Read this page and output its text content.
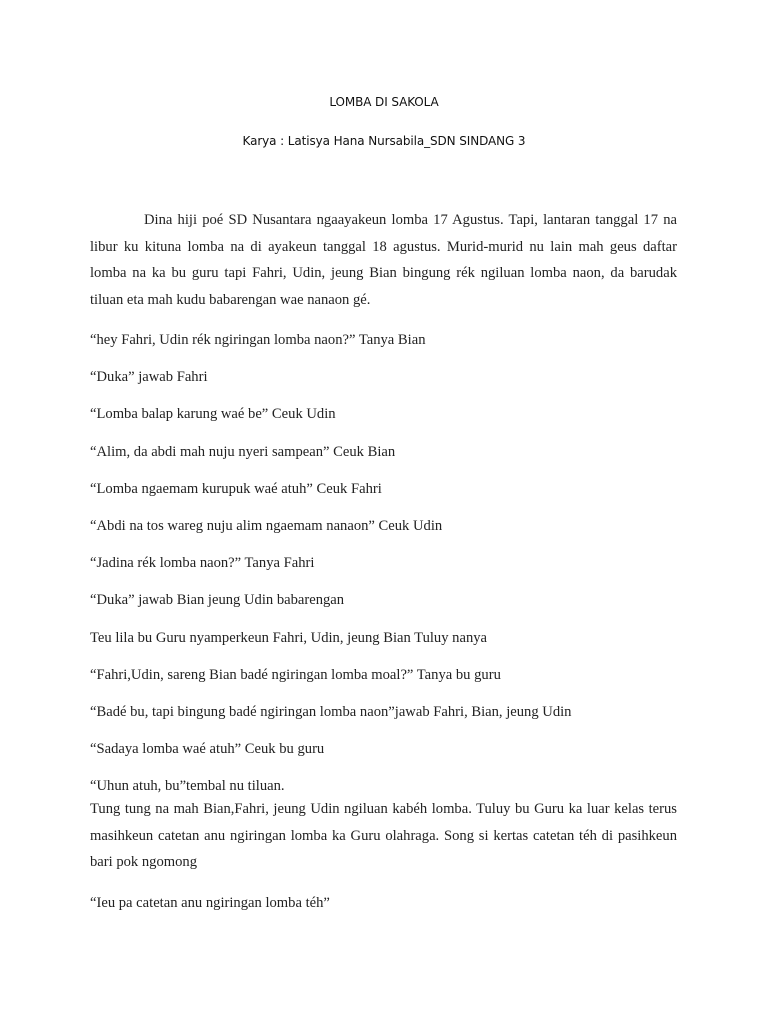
LOMBA DI SAKOLA
Karya : Latisya Hana Nursabila_SDN SINDANG 3

Dina hiji poé SD Nusantara ngaayakeun lomba 17 Agustus. Tapi, lantaran tanggal 17 na libur ku kituna lomba na di ayakeun tanggal 18 agustus. Murid-murid nu lain mah geus daftar lomba na ka bu guru tapi Fahri, Udin, jeung Bian bingung rék ngiluan lomba naon, da barudak tiluan eta mah kudu babarengan wae nanaon gé.

“hey Fahri, Udin rék ngiringan lomba naon?” Tanya Bian

“Duka” jawab Fahri

“Lomba balap karung waé be” Ceuk Udin

“Alim, da abdi mah nuju nyeri sampean” Ceuk Bian

“Lomba ngaemam kurupuk waé atuh” Ceuk Fahri

“Abdi na tos wareg nuju alim ngaemam nanaon” Ceuk Udin

“Jadina rék lomba naon?” Tanya Fahri

“Duka” jawab Bian jeung Udin babarengan

Teu lila bu Guru nyamperkeun Fahri, Udin, jeung Bian Tuluy nanya

“Fahri,Udin, sareng Bian badé ngiringan lomba moal?” Tanya bu guru

“Badé bu, tapi bingung badé ngiringan lomba naon”jawab Fahri, Bian, jeung Udin

“Sadaya lomba waé atuh” Ceuk bu guru

“Uhun atuh, bu”tembal nu tiluan.

Tung tung na mah Bian,Fahri, jeung Udin ngiluan kabéh lomba. Tuluy bu Guru ka luar kelas terus masihkeun catetan anu ngiringan lomba ka Guru olahraga. Song si kertas catetan téh di pasihkeun bari pok ngomong

“Ieu pa catetan anu ngiringan lomba téh”
